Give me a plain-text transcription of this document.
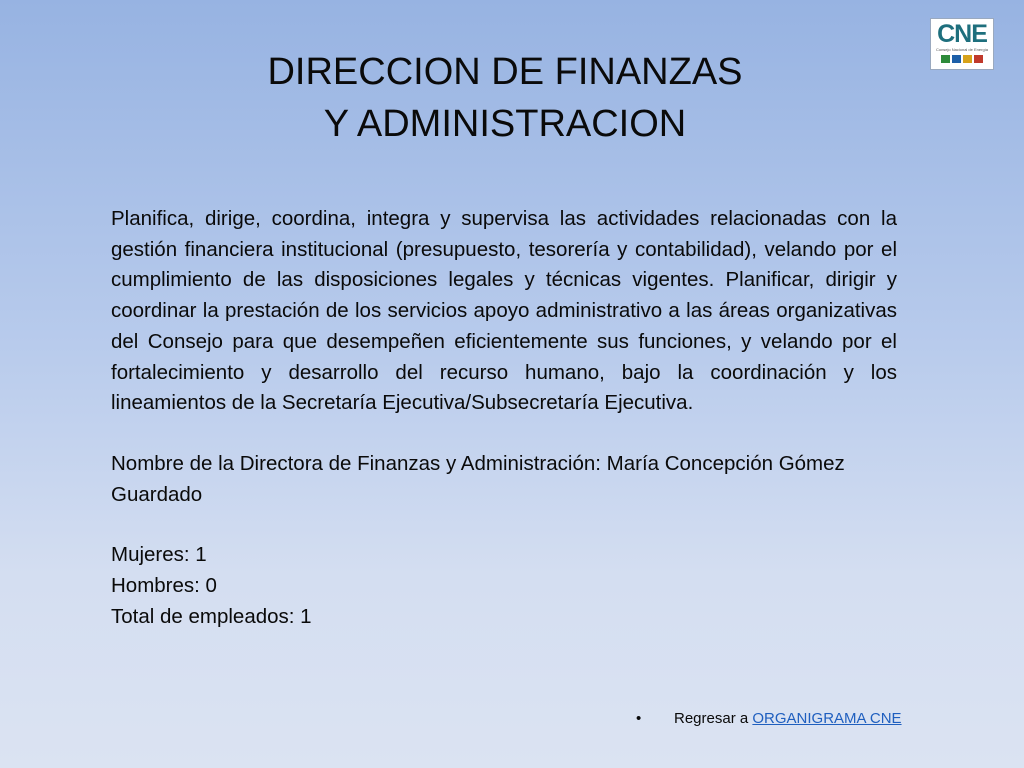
CNE
Consejo Nacional de Energía
DIRECCION DE FINANZAS
Y ADMINISTRACION

Planifica, dirige, coordina, integra y supervisa las actividades relacionadas con la gestión financiera institucional (presupuesto, tesorería y contabilidad), velando por el cumplimiento de las disposiciones legales y técnicas vigentes. Planificar, dirigir y coordinar la prestación de los servicios apoyo administrativo a las áreas organizativas del Consejo para que desempeñen eficientemente sus funciones, y velando por el fortalecimiento y desarrollo del recurso humano, bajo la coordinación y los lineamientos de la Secretaría Ejecutiva/Subsecretaría Ejecutiva.

Nombre de la Directora de Finanzas y Administración: María Concepción Gómez Guardado

Mujeres: 1
Hombres: 0
Total de empleados: 1
• Regresar a ORGANIGRAMA CNE
